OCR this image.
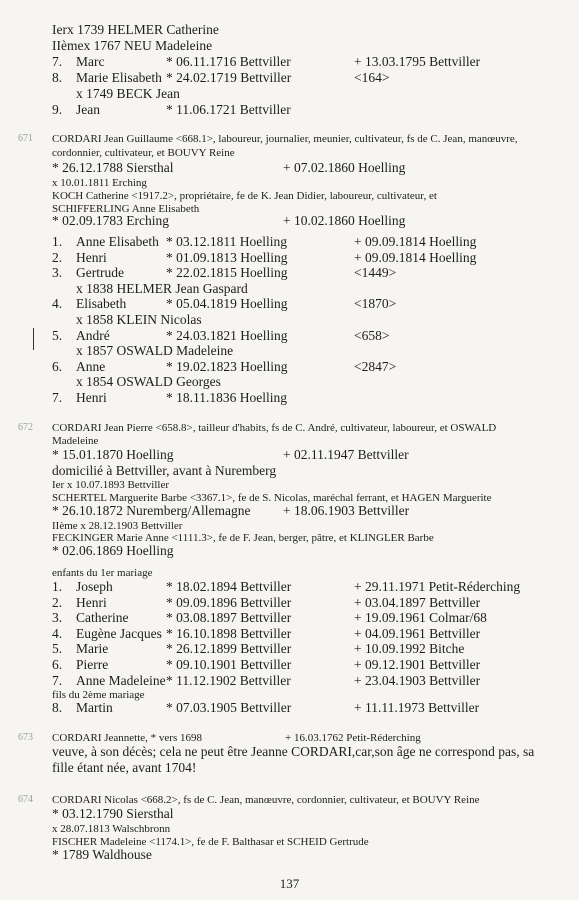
Ierx 1739 HELMER Catherine
IIèmex 1767 NEU Madeleine
7. Marc	* 06.11.1716 Bettviller	+ 13.03.1795 Bettviller
8. Marie Elisabeth * 24.02.1719 Bettviller	<164>
x 1749 BECK Jean
9. Jean	* 11.06.1721 Bettviller
671 CORDARI Jean Guillaume <668.1>, laboureur, journalier, meunier, cultivateur, fs de C. Jean, manœuvre,
cordonnier, cultivateur, et BOUVY Reine
* 26.12.1788 Siersthal	+ 07.02.1860 Hoelling
x 10.01.1811 Erching
KOCH Catherine <1917.2>, propriétaire, fe de K. Jean Didier, laboureur, cultivateur, et
SCHIFFERLING Anne Elisabeth
* 02.09.1783 Erching	+ 10.02.1860 Hoelling
1. Anne Elisabeth * 03.12.1811 Hoelling	+ 09.09.1814 Hoelling
2. Henri	* 01.09.1813 Hoelling	+ 09.09.1814 Hoelling
3. Gertrude	* 22.02.1815 Hoelling	<1449>
x 1838 HELMER Jean Gaspard
4. Elisabeth	* 05.04.1819 Hoelling	<1870>
x 1858 KLEIN Nicolas
5. André	* 24.03.1821 Hoelling	<658>
x 1857 OSWALD Madeleine
6. Anne	* 19.02.1823 Hoelling	<2847>
x 1854 OSWALD Georges
7. Henri	* 18.11.1836 Hoelling
672 CORDARI Jean Pierre <658.8>, tailleur d'habits, fs de C. André, cultivateur, laboureur, et OSWALD
Madeleine
* 15.01.1870 Hoelling	+ 02.11.1947 Bettviller
domicilié à Bettviller, avant à Nuremberg
Ier x 10.07.1893 Bettviller
SCHERTEL Marguerite Barbe <3367.1>, fe de S. Nicolas, maréchal ferrant, et HAGEN Marguerite
* 26.10.1872 Nuremberg/Allemagne + 18.06.1903 Bettviller
IIème x 28.12.1903 Bettviller
FECKINGER Marie Anne <1111.3>, fe de F. Jean, berger, pâtre, et KLINGLER Barbe
* 02.06.1869 Hoelling
enfants du 1er mariage
1. Joseph	* 18.02.1894 Bettviller	+ 29.11.1971 Petit-Réderching
2. Henri	* 09.09.1896 Bettviller	+ 03.04.1897 Bettviller
3. Catherine	* 03.08.1897 Bettviller	+ 19.09.1961 Colmar/68
4. Eugène Jacques * 16.10.1898 Bettviller	+ 04.09.1961 Bettviller
5. Marie	* 26.12.1899 Bettviller	+ 10.09.1992 Bitche
6. Pierre	* 09.10.1901 Bettviller	+ 09.12.1901 Bettviller
7. Anne Madeleine * 11.12.1902 Bettviller	+ 23.04.1903 Bettviller
fils du 2ème mariage
8. Martin	* 07.03.1905 Bettviller	+ 11.11.1973 Bettviller
673 CORDARI Jeannette, * vers 1698	+ 16.03.1762 Petit-Réderching
veuve, à son décès; cela ne peut être Jeanne CORDARI,car,son âge ne correspond pas, sa
fille étant née, avant 1704!
674 CORDARI Nicolas <668.2>, fs de C. Jean, manœuvre, cordonnier, cultivateur, et BOUVY Reine
* 03.12.1790 Siersthal
x 28.07.1813 Walschbronn
FISCHER Madeleine <1174.1>, fe de F. Balthasar et SCHEID Gertrude
* 1789 Waldhouse
137
